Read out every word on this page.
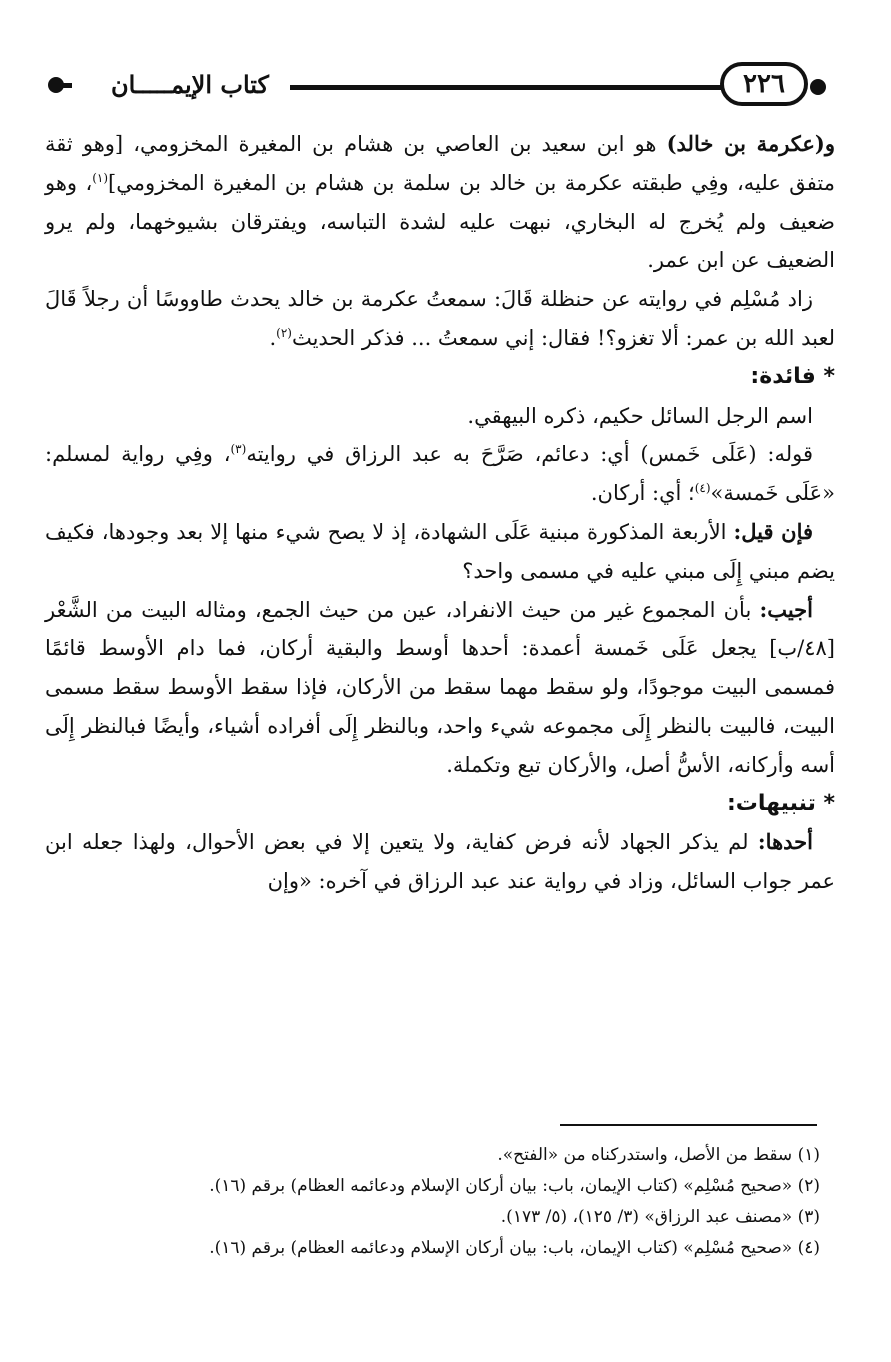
كتاب الإيمـــــان	٢٢٦

و(عكرمة بن خالد) هو ابن سعيد بن العاصي بن هشام بن المغيرة المخزومي، [وهو ثقة متفق عليه، وفِي طبقته عكرمة بن خالد بن سلمة بن هشام بن المغيرة المخزومي]$^{(١)}$، وهو ضعيف ولم يُخرج له البخاري، نبهت عليه لشدة التباسه، ويفترقان بشيوخهما، ولم يرو الضعيف عن ابن عمر.

زاد مُسْلِم في روايته عن حنظلة قَالَ: سمعتُ عكرمة بن خالد يحدث طاووسًا أن رجلاً قَالَ لعبد الله بن عمر: ألا تغزو؟! فقال: إني سمعتُ ... فذكر الحديث$^{(٢)}$.

* فائدة:

اسم الرجل السائل حكيم، ذكره البيهقي.

قوله: (عَلَى خَمس) أي: دعائم، صَرَّحَ به عبد الرزاق في روايته$^{(٣)}$، وفِي رواية لمسلم: «عَلَى خَمسة»$^{(٤)}$؛ أي: أركان.

فإن قيل: الأربعة المذكورة مبنية عَلَى الشهادة، إذ لا يصح شيء منها إلا بعد وجودها، فكيف يضم مبني إِلَى مبني عليه في مسمى واحد؟

أجيب: بأن المجموع غير من حيث الانفراد، عين من حيث الجمع، ومثاله البيت من الشَّعْر [٤٨/ب] يجعل عَلَى خَمسة أعمدة: أحدها أوسط والبقية أركان، فما دام الأوسط قائمًا فمسمى البيت موجودًا، ولو سقط مهما سقط من الأركان، فإذا سقط الأوسط سقط مسمى البيت، فالبيت بالنظر إِلَى مجموعه شيء واحد، وبالنظر إِلَى أفراده أشياء، وأيضًا فبالنظر إِلَى أسه وأركانه، الأسُّ أصل، والأركان تبع وتكملة.

* تنبيهات:

أحدها: لم يذكر الجهاد لأنه فرض كفاية، ولا يتعين إلا في بعض الأحوال، ولهذا جعله ابن عمر جواب السائل، وزاد في رواية عند عبد الرزاق في آخره: «وإن

(١) سقط من الأصل، واستدركناه من «الفتح».
(٢) «صحيح مُسْلِم» (كتاب الإيمان، باب: بيان أركان الإسلام ودعائمه العظام) برقم (١٦).
(٣) «مصنف عبد الرزاق» (٣/ ١٢٥)، (٥/ ١٧٣).
(٤) «صحيح مُسْلِم» (كتاب الإيمان، باب: بيان أركان الإسلام ودعائمه العظام) برقم (١٦).
